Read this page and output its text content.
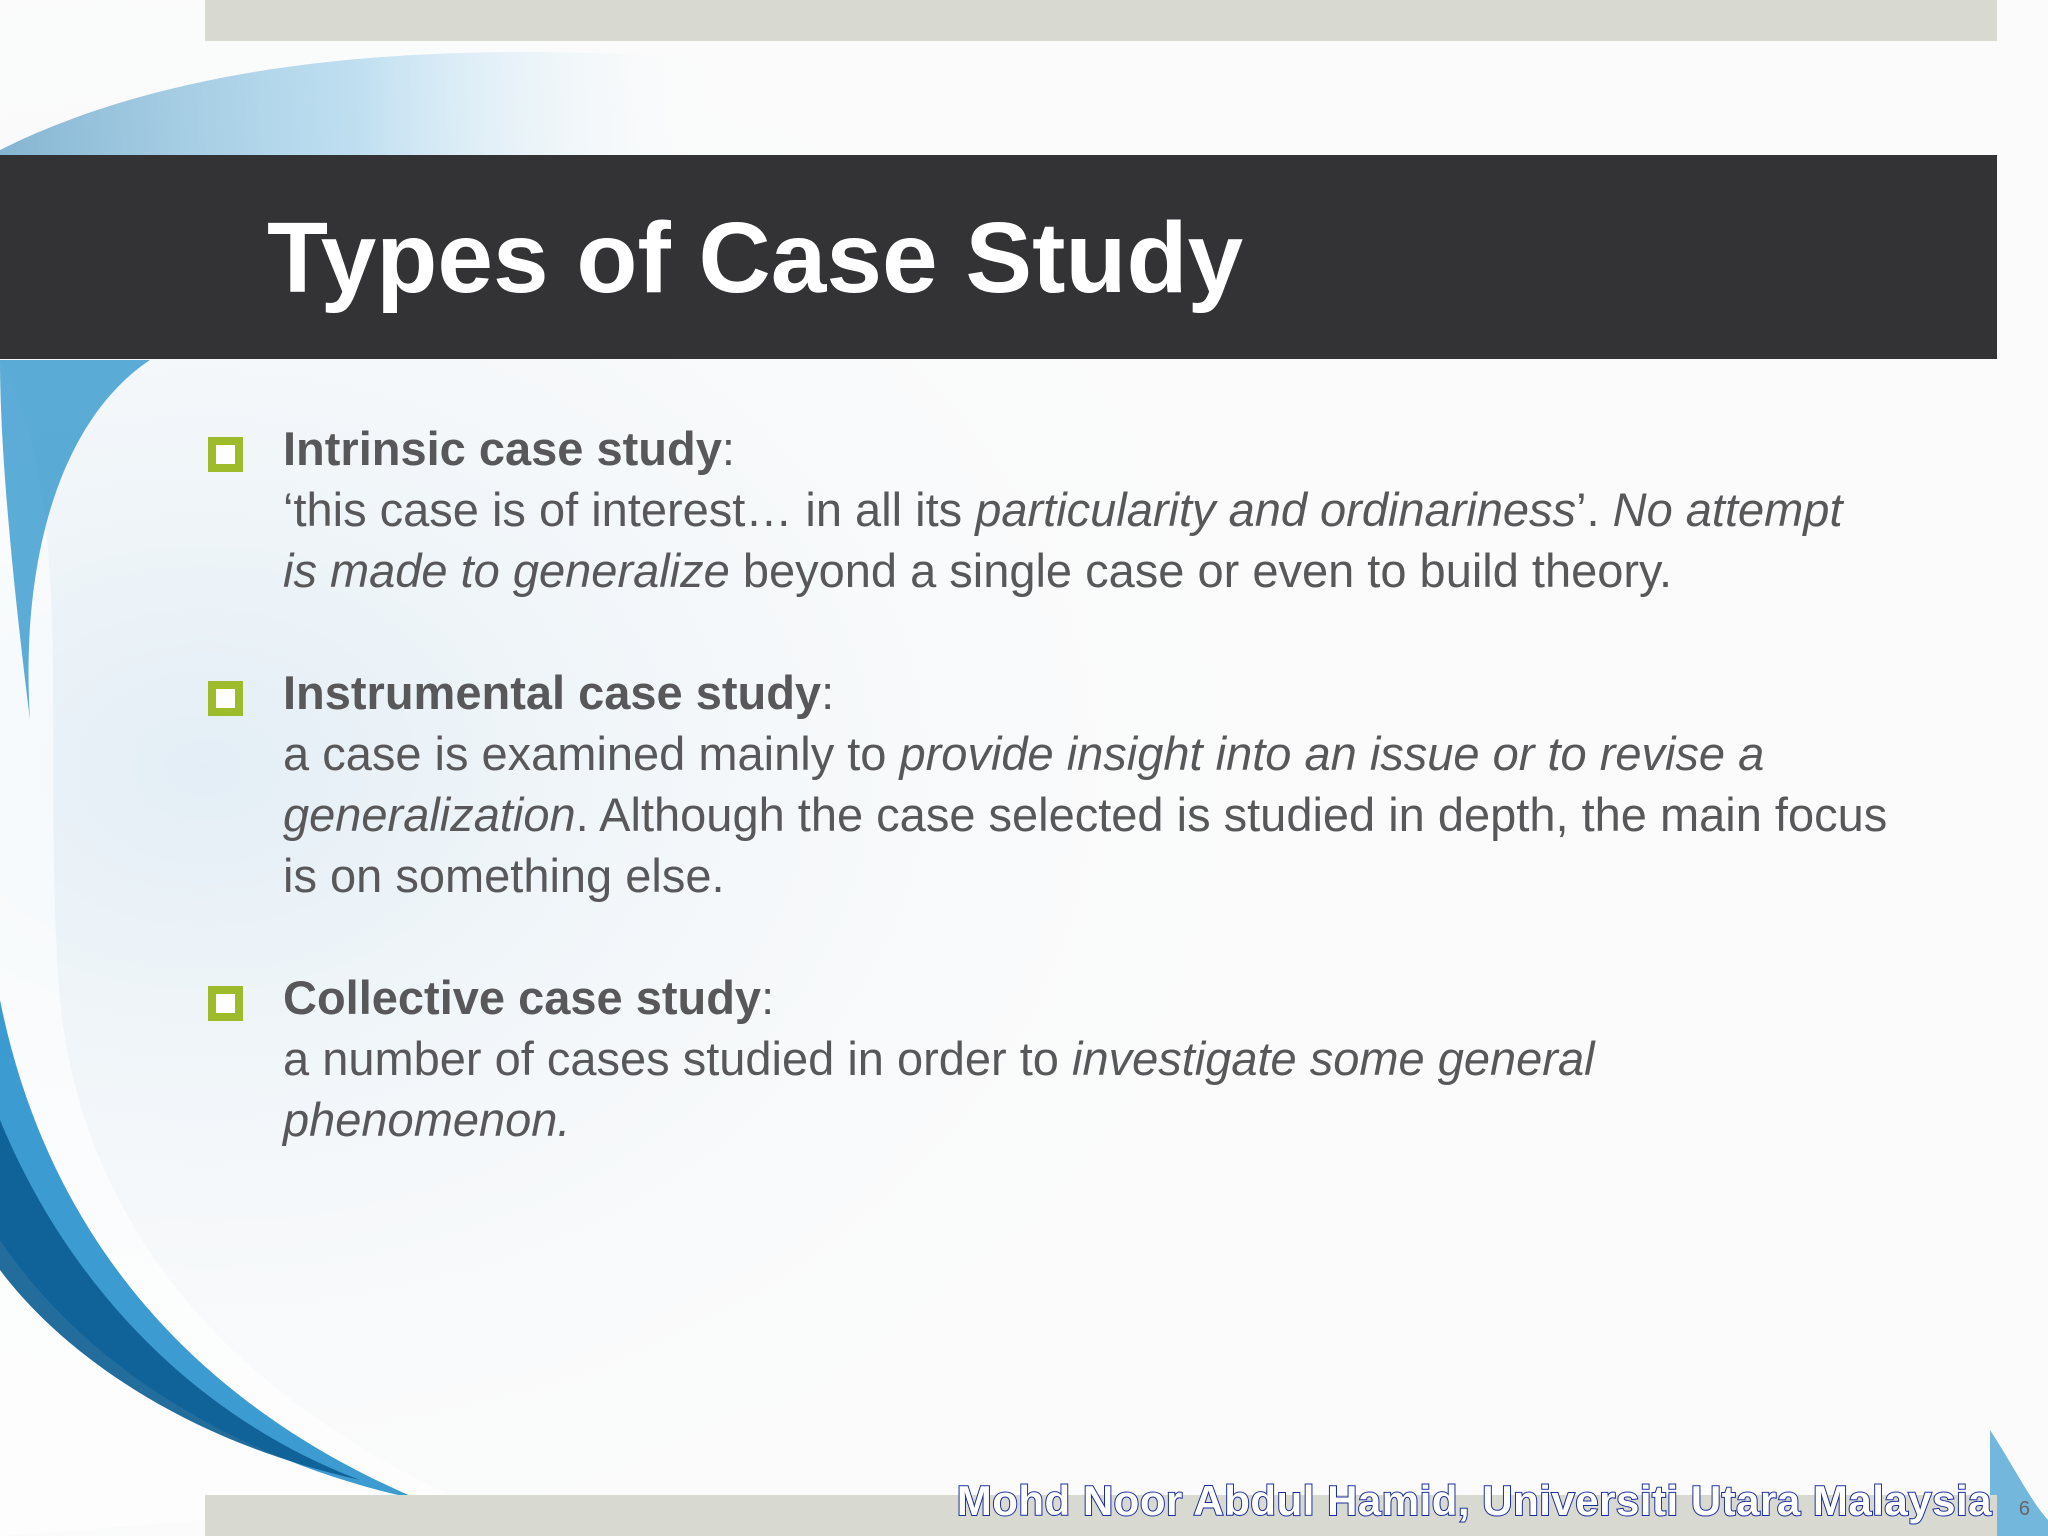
Types of Case Study
Intrinsic case study:
‘this case is of interest… in all its particularity and ordinariness’. No attempt is made to generalize beyond a single case or even to build theory.
Instrumental case study:
a case is examined mainly to provide insight into an issue or to revise a generalization. Although the case selected is studied in depth, the main focus is on something else.
Collective case study:
a number of cases studied in order to investigate some general phenomenon.
Mohd Noor Abdul Hamid, Universiti Utara Malaysia 6
